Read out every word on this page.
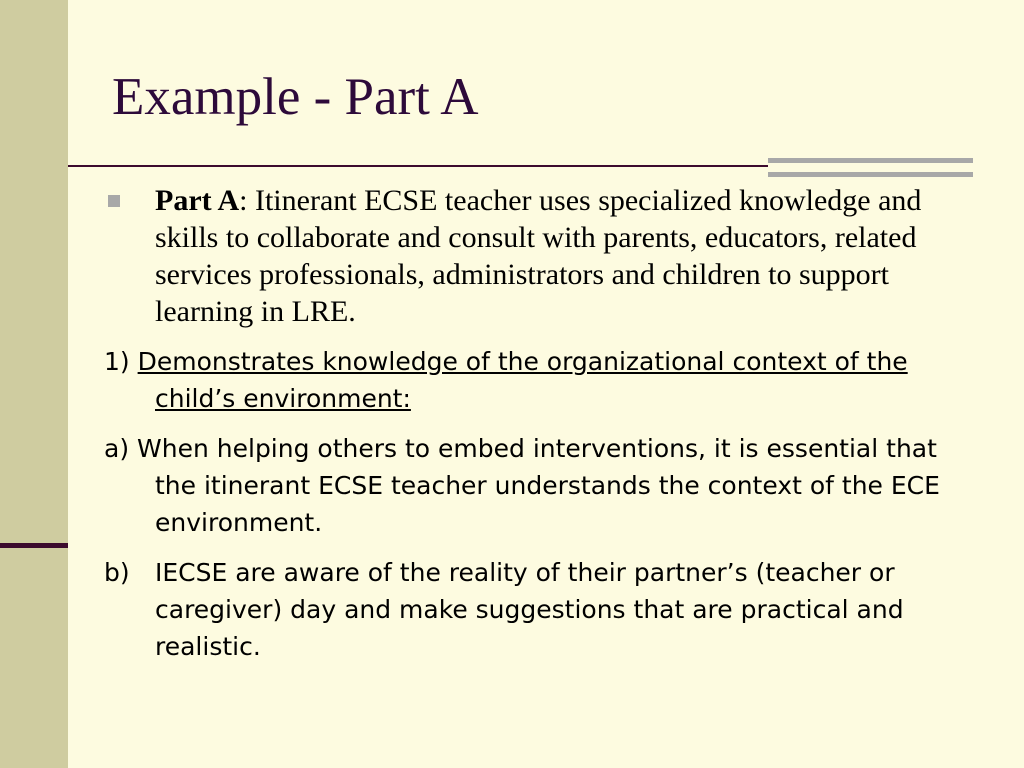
Example - Part A
Part A: Itinerant ECSE teacher uses specialized knowledge and skills to collaborate and consult with parents, educators, related services professionals, administrators and children to support learning in LRE.
1) Demonstrates knowledge of the organizational context of the child’s environment:
a) When helping others to embed interventions, it is essential that the itinerant ECSE teacher understands the context of the ECE environment.
b) IECSE are aware of the reality of their partner’s (teacher or caregiver) day and make suggestions that are practical and realistic.
